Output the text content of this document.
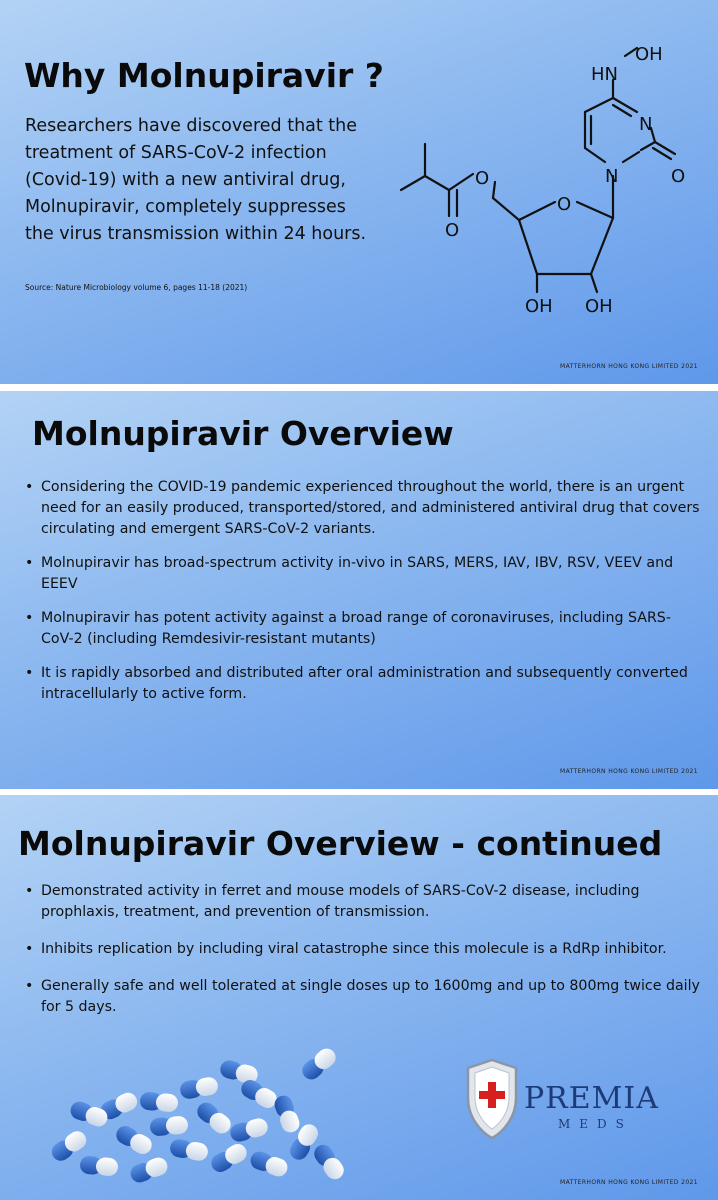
Why Molnupiravir ?

Researchers have discovered that the treatment of SARS-CoV-2 infection (Covid-19) with a new antiviral drug, Molnupiravir, completely suppresses the virus transmission within 24 hours.

Source: Nature Microbiology volume 6, pages 11-18 (2021)
HN
OH
N
N	O
O
O
O
OH OH
MATTERHORN HONG KONG LIMITED 2021
Molnupiravir Overview
• Considering the COVID-19 pandemic experienced throughout the world, there is an urgent need for an easily produced, transported/stored, and administered antiviral drug that covers circulating and emergent SARS-CoV-2 variants.
• Molnupiravir has broad-spectrum activity in-vivo in SARS, MERS, IAV, IBV, RSV, VEEV and EEEV
• Molnupiravir has potent activity against a broad range of coronaviruses, including SARS-CoV-2 (including Remdesivir-resistant mutants)
• It is rapidly absorbed and distributed after oral administration and subsequently converted intracellularly to active form.
MATTERHORN HONG KONG LIMITED 2021
Molnupiravir Overview - continued
• Demonstrated activity in ferret and mouse models of SARS-CoV-2 disease, including prophlaxis, treatment, and prevention of transmission.
• Inhibits replication by including viral catastrophe since this molecule is a RdRp inhibitor.
• Generally safe and well tolerated at single doses up to 1600mg and up to 800mg twice daily for 5 days.
PREMIA
MEDS
MATTERHORN HONG KONG LIMITED 2021
